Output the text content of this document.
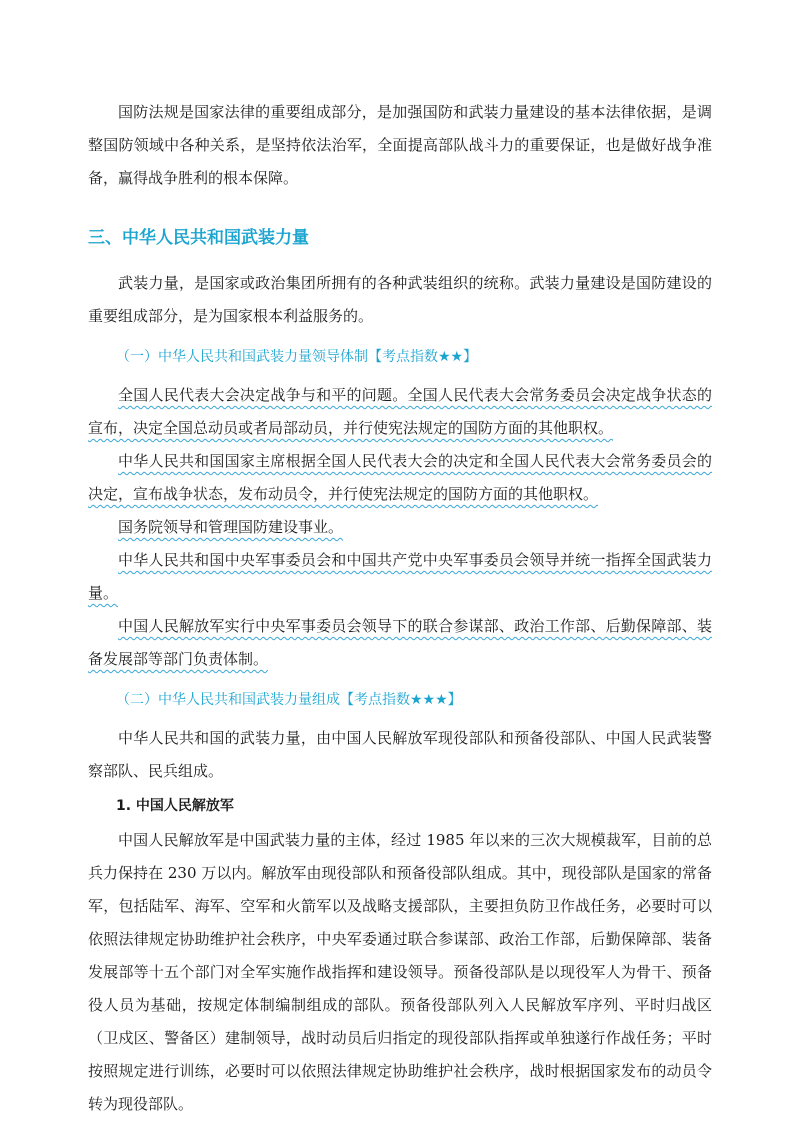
国防法规是国家法律的重要组成部分，是加强国防和武装力量建设的基本法律依据，是调整国防领域中各种关系，是坚持依法治军，全面提高部队战斗力的重要保证，也是做好战争准备，赢得战争胜利的根本保障。

三、中华人民共和国武装力量

武装力量，是国家或政治集团所拥有的各种武装组织的统称。武装力量建设是国防建设的重要组成部分，是为国家根本利益服务的。

（一）中华人民共和国武装力量领导体制【考点指数★★】

全国人民代表大会决定战争与和平的问题。全国人民代表大会常务委员会决定战争状态的宣布，决定全国总动员或者局部动员，并行使宪法规定的国防方面的其他职权。

中华人民共和国国家主席根据全国人民代表大会的决定和全国人民代表大会常务委员会的决定，宣布战争状态，发布动员令，并行使宪法规定的国防方面的其他职权。

国务院领导和管理国防建设事业。

中华人民共和国中央军事委员会和中国共产党中央军事委员会领导并统一指挥全国武装力量。

中国人民解放军实行中央军事委员会领导下的联合参谋部、政治工作部、后勤保障部、装备发展部等部门负责体制。

（二）中华人民共和国武装力量组成【考点指数★★★】

中华人民共和国的武装力量，由中国人民解放军现役部队和预备役部队、中国人民武装警察部队、民兵组成。

1. 中国人民解放军

中国人民解放军是中国武装力量的主体，经过 1985 年以来的三次大规模裁军，目前的总兵力保持在 230 万以内。解放军由现役部队和预备役部队组成。其中，现役部队是国家的常备军，包括陆军、海军、空军和火箭军以及战略支援部队，主要担负防卫作战任务，必要时可以依照法律规定协助维护社会秩序，中央军委通过联合参谋部、政治工作部，后勤保障部、装备发展部等十五个部门对全军实施作战指挥和建设领导。预备役部队是以现役军人为骨干、预备役人员为基础，按规定体制编制组成的部队。预备役部队列入人民解放军序列、平时归战区（卫戍区、警备区）建制领导，战时动员后归指定的现役部队指挥或单独遂行作战任务；平时按照规定进行训练，必要时可以依照法律规定协助维护社会秩序，战时根据国家发布的动员令转为现役部队。
